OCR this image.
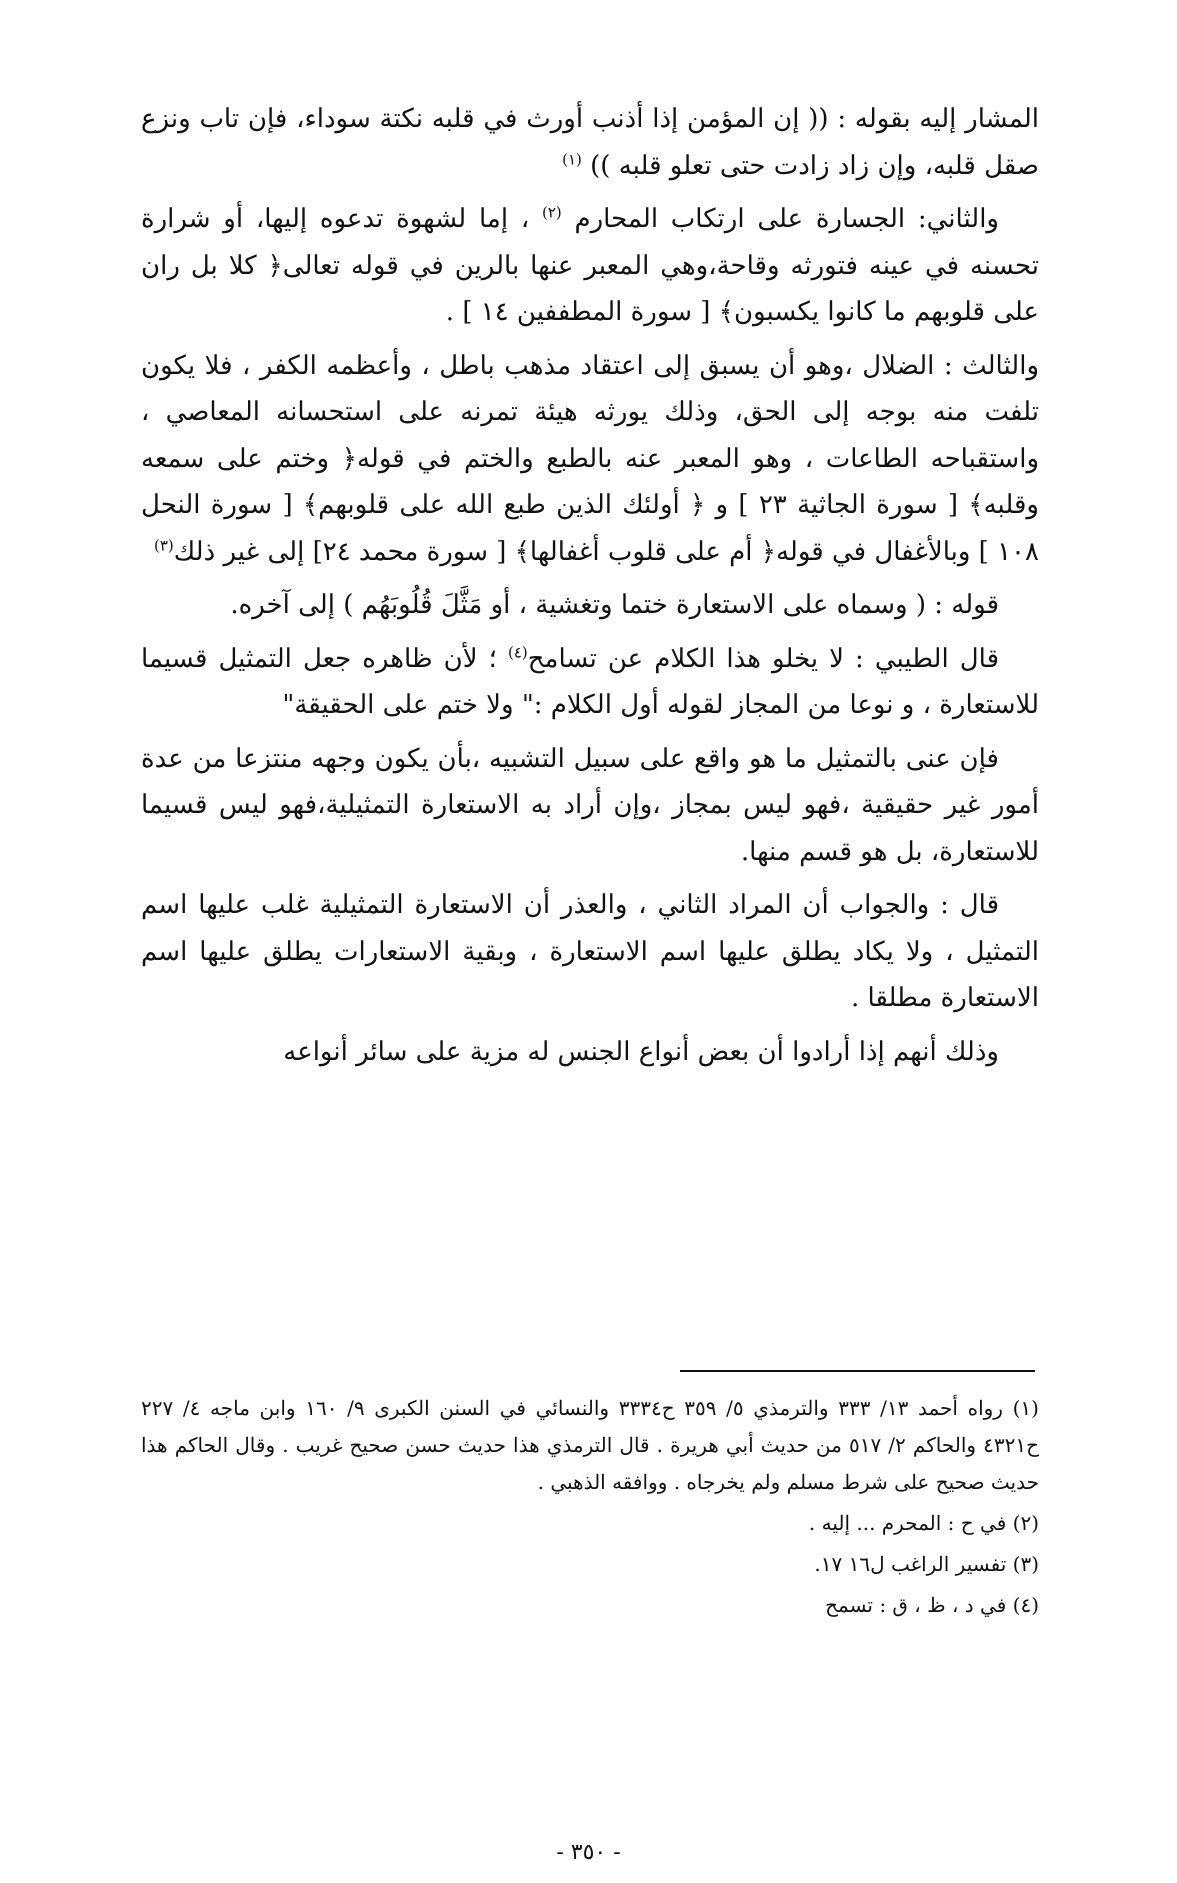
المشار إليه بقوله : (( إن المؤمن إذا أذنب أورث في قلبه نكتة سوداء، فإن تاب ونزع صقل قلبه، وإن زاد زادت حتى تعلو قلبه )) $^{(١)}$

والثاني: الجسارة على ارتكاب المحارم $^{(٢)}$ ، إما لشهوة تدعوه إليها، أو شرارة تحسنه في عينه فتورثه وقاحة،وهي المعبر عنها بالرين في قوله تعالى﴿ كلا بل ران على قلوبهم ما كانوا يكسبون﴾ [ سورة المطففين ١٤ ] .

والثالث : الضلال ،وهو أن يسبق إلى اعتقاد مذهب باطل ، وأعظمه الكفر ، فلا يكون تلفت منه بوجه إلى الحق، وذلك يورثه هيئة تمرنه على استحسانه المعاصي ، واستقباحه الطاعات ، وهو المعبر عنه بالطبع والختم في قوله﴿ وختم على سمعه وقلبه﴾ [ سورة الجاثية ٢٣ ] و ﴿ أولئك الذين طبع الله على قلوبهم﴾ [ سورة النحل ١٠٨ ] وبالأغفال في قوله﴿ أم على قلوب أغفالها﴾ [ سورة محمد ٢٤] إلى غير ذلك$^{(٣)}$

قوله : ( وسماه على الاستعارة ختما وتغشية ، أو مَثَّلَ قُلُوبَهُم ) إلى آخره.

قال الطيبي : لا يخلو هذا الكلام عن تسامح$^{(٤)}$ ؛ لأن ظاهره جعل التمثيل قسيما للاستعارة ، و نوعا من المجاز لقوله أول الكلام :" ولا ختم على الحقيقة"

فإن عنى بالتمثيل ما هو واقع على سبيل التشبيه ،بأن يكون وجهه منتزعا من عدة أمور غير حقيقية ،فهو ليس بمجاز ،وإن أراد به الاستعارة التمثيلية،فهو ليس قسيما للاستعارة، بل هو قسم منها.

قال : والجواب أن المراد الثاني ، والعذر أن الاستعارة التمثيلية غلب عليها اسم التمثيل ، ولا يكاد يطلق عليها اسم الاستعارة ، وبقية الاستعارات يطلق عليها اسم الاستعارة مطلقا .

وذلك أنهم إذا أرادوا أن بعض أنواع الجنس له مزية على سائر أنواعه

(١) رواه أحمد ١٣/ ٣٣٣ والترمذي ٥/ ٣٥٩ ح٣٣٣٤ والنسائي في السنن الكبرى ٩/ ١٦٠ وابن ماجه ٤/ ٢٢٧ ح٤٣٢١ والحاكم ٢/ ٥١٧ من حديث أبي هريرة . قال الترمذي هذا حديث حسن صحيح غريب . وقال الحاكم هذا حديث صحيح على شرط مسلم ولم يخرجاه . ووافقه الذهبي .

(٢) في ح : المحرم ... إليه .

(٣) تفسير الراغب ل١٦ ١٧.

(٤) في د ، ظ ، ق : تسمح

- ٣٥٠ -
